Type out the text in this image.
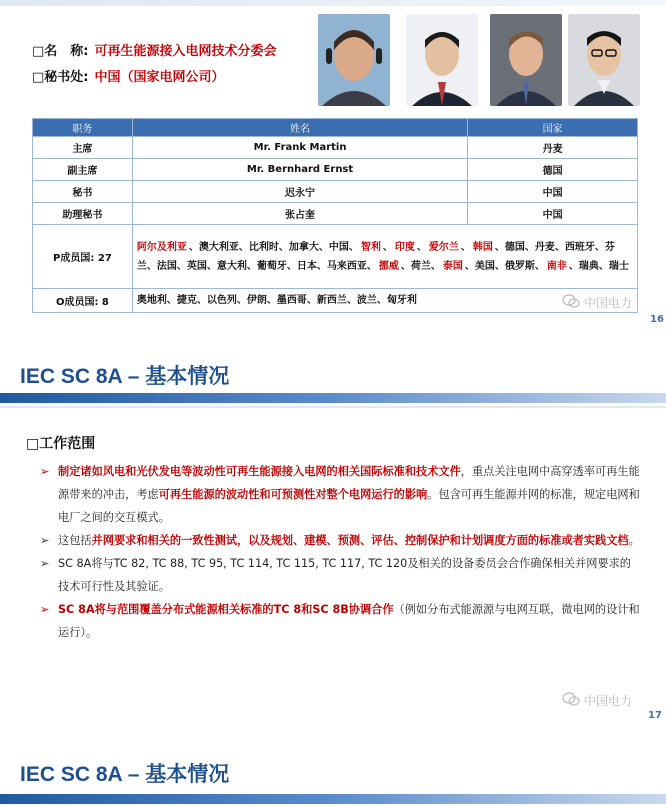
□名　称: 可再生能源接入电网技术分委会
□秘书处: 中国（国家电网公司）
职务	姓名	国家
主席	Mr. Frank Martin	丹麦
副主席	Mr. Bernhard Ernst	德国
秘书	迟永宁	中国
助理秘书	张占奎	中国
P成员国: 27	阿尔及利亚 、澳大利亚、比利时、加拿大、中国、 智利 、 印度 、 爱尔兰 、 韩国 、德国、丹麦、西班牙、芬兰、法国、英国、意大利、葡萄牙、日本、马来西亚、 挪威 、荷兰、 泰国 、美国、俄罗斯、 南非 、瑞典、瑞士	
O成员国: 8	奥地利、捷克、以色列、伊朗、墨西哥、新西兰、波兰、匈牙利		中国电力
16
IEC SC 8A – 基本情况
□工作范围
➢ 制定诸如风电和光伏发电等波动性可再生能源接入电网的相关国际标准和技术文件，重点关注电网中高穿透率可再生能源带来的冲击，考虑可再生能源的波动性和可预测性对整个电网运行的影响。包含可再生能源并网的标准，规定电网和电厂之间的交互模式。
➢ 这包括并网要求和相关的一致性测试，以及规划、建模、预测、评估、控制保护和计划调度方面的标准或者实践文档。
➢ SC 8A将与TC 82, TC 88, TC 95, TC 114, TC 115, TC 117, TC 120及相关的设备委员会合作确保相关并网要求的技术可行性及其验证。
➢ SC 8A将与范围覆盖分布式能源相关标准的TC 8和SC 8B协调合作（例如分布式能源源与电网互联，微电网的设计和运行）。
中国电力
17
IEC SC 8A – 基本情况
